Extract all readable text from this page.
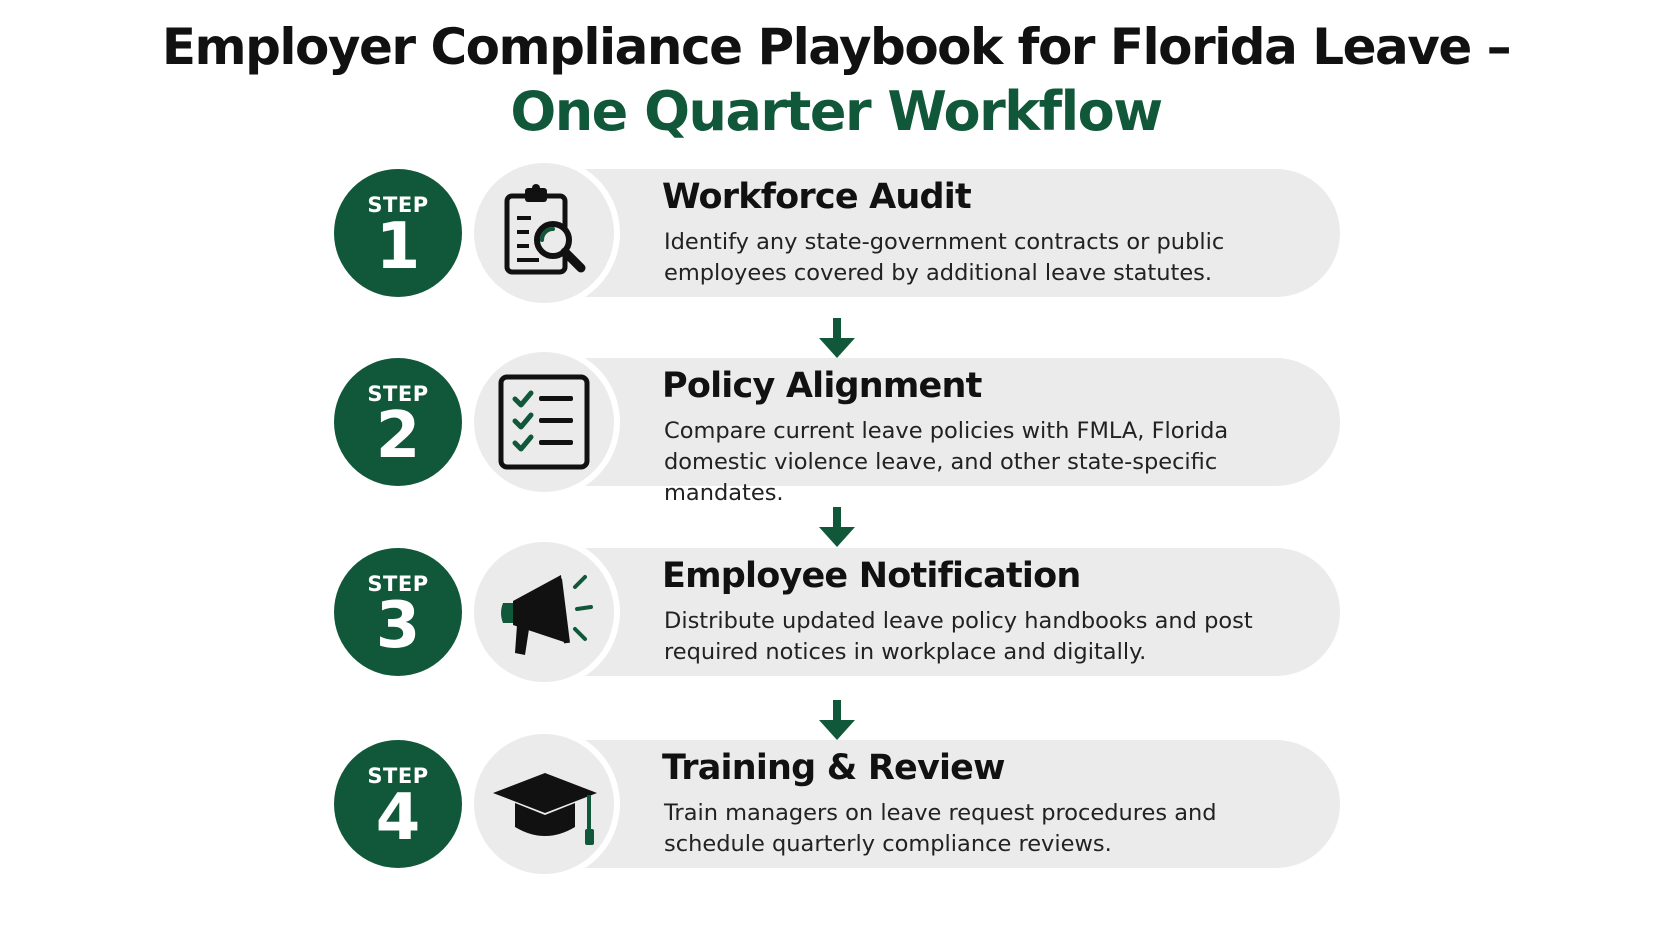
Employer Compliance Playbook for Florida Leave –
One Quarter Workflow
STEP
1
Workforce Audit
Identify any state-government contracts or public employees covered by additional leave statutes.
STEP
2
Policy Alignment
Compare current leave policies with FMLA, Florida domestic violence leave, and other state-specific mandates.
STEP
3
Employee Notification
Distribute updated leave policy handbooks and post required notices in workplace and digitally.
STEP
4
Training & Review
Train managers on leave request procedures and schedule quarterly compliance reviews.
